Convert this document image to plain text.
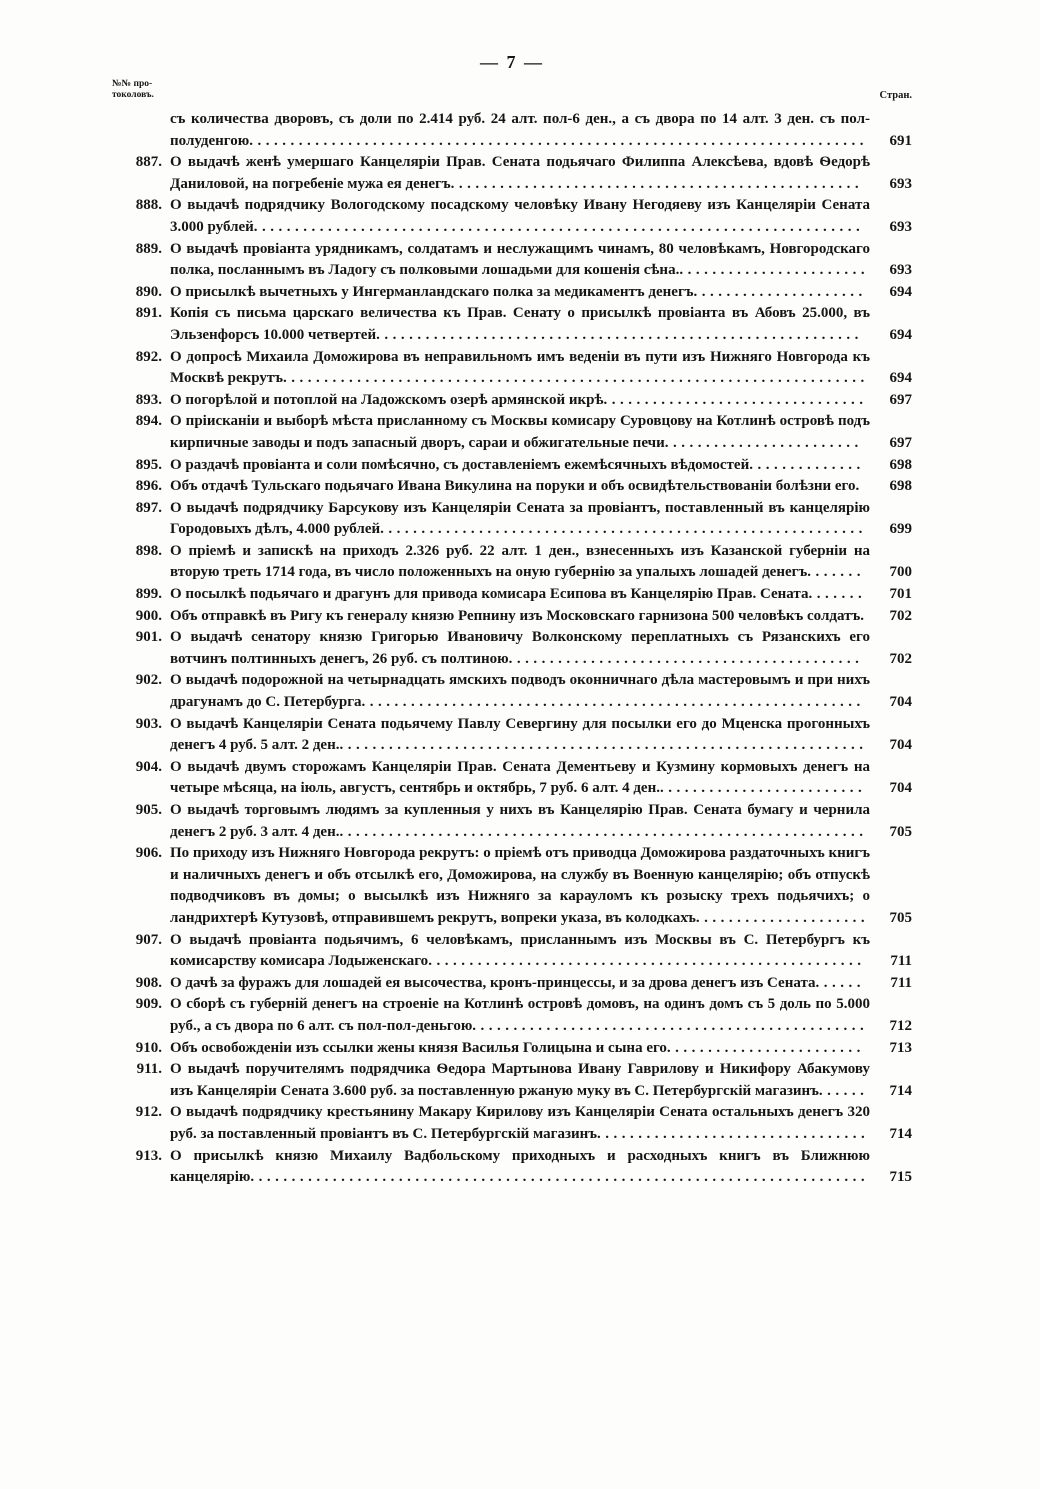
— 7 —
№№ про-
токоловъ.	Стран.
съ количества дворовъ, съ доли по 2.414 руб. 24 алт. пол-6 ден., а съ двора по 14 алт. 3 ден. съ пол-полуденгою...........................................................................	691
887. О выдачѣ женѣ умершаго Канцеляріи Прав. Сената подьячаго Филиппа Алексѣева, вдовѣ Ѳедорѣ Даниловой, на погребеніе мужа ея денегъ..................................................	693
888. О выдачѣ подрядчику Вологодскому посадскому человѣку Ивану Негодяеву изъ Канцеляріи Сената 3.000 рублей..........................................................................	693
889. О выдачѣ провіанта урядникамъ, солдатамъ и неслужащимъ чинамъ, 80 человѣкамъ, Новгородскаго полка, посланнымъ въ Ладогу съ полковыми лошадьми для кошенія сѣна........................	693
890. О присылкѣ вычетныхъ у Ингерманландскаго полка за медикаментъ денегъ.....................	694
891. Копія съ письма царскаго величества къ Прав. Сенату о присылкѣ провіанта въ Абовъ 25.000, въ Эльзенфорсъ 10.000 четвертей...........................................................	694
892. О допросѣ Михаила Доможирова въ неправильномъ имъ веденіи въ пути изъ Нижняго Новгорода къ Москвѣ рекрутъ.......................................................................	694
893. О погорѣлой и потоплой на Ладожскомъ озерѣ армянской икрѣ................................	697
894. О пріисканіи и выборѣ мѣста присланному съ Москвы комисару Суровцову на Котлинѣ островѣ подъ кирпичные заводы и подъ запасный дворъ, сараи и обжигательные печи........................	697
895. О раздачѣ провіанта и соли помѣсячно, съ доставленіемъ ежемѣсячныхъ вѣдомостей..............	698
896. Объ отдачѣ Тульскаго подьячаго Ивана Викулина на поруки и объ освидѣтельствованіи болѣзни его.	698
897. О выдачѣ подрядчику Барсукову изъ Канцеляріи Сената за провіантъ, поставленный въ канцелярію Городовыхъ дѣлъ, 4.000 рублей...........................................................	699
898. О пріемѣ и запискѣ на приходъ 2.326 руб. 22 алт. 1 ден., взнесенныхъ изъ Казанской губерніи на вторую треть 1714 года, въ число положенныхъ на оную губернію за упалыхъ лошадей денегъ.......	700
899. О посылкѣ подьячаго и драгунъ для привода комисара Есипова въ Канцелярію Прав. Сената.......	701
900. Объ отправкѣ въ Ригу къ генералу князю Репнину изъ Московскаго гарнизона 500 человѣкъ солдатъ.	702
901. О выдачѣ сенатору князю Григорью Ивановичу Волконскому переплатныхъ съ Рязанскихъ его вотчинъ полтинныхъ денегъ, 26 руб. съ полтиною...........................................	702
902. О выдачѣ подорожной на четырнадцать ямскихъ подводъ оконничнаго дѣла мастеровымъ и при нихъ драгунамъ до С. Петербурга.............................................................	704
903. О выдачѣ Канцеляріи Сената подьячему Павлу Севергину для посылки его до Мценска прогонныхъ денегъ 4 руб. 5 алт. 2 ден.................................................................	704
904. О выдачѣ двумъ сторожамъ Канцеляріи Прав. Сената Дементьеву и Кузмину кормовыхъ денегъ на четыре мѣсяца, на іюль, августъ, сентябрь и октябрь, 7 руб. 6 алт. 4 ден..........................	704
905. О выдачѣ торговымъ людямъ за купленныя у нихъ въ Канцелярію Прав. Сената бумагу и чернила денегъ 2 руб. 3 алт. 4 ден.................................................................	705
906. По приходу изъ Нижняго Новгорода рекрутъ: о пріемѣ отъ приводца Доможирова раздаточныхъ книгъ и наличныхъ денегъ и объ отсылкѣ его, Доможирова, на службу въ Военную канцелярію; объ отпускѣ подводчиковъ въ домы; о высылкѣ изъ Нижняго за карауломъ къ розыску трехъ подьячихъ; о ландрихтерѣ Кутузовѣ, отправившемъ рекрутъ, вопреки указа, въ колодкахъ.....................	705
907. О выдачѣ провіанта подьячимъ, 6 человѣкамъ, присланнымъ изъ Москвы въ С. Петербургъ къ комисарству комисара Лодыженскаго.....................................................	711
908. О дачѣ за фуражъ для лошадей ея высочества, кронъ-принцессы, и за дрова денегъ изъ Сената......	711
909. О сборѣ съ губерній денегъ на строеніе на Котлинѣ островѣ домовъ, на одинъ домъ съ 5 доль по 5.000 руб., а съ двора по 6 алт. съ пол-пол-деньгою................................................	712
910. Объ освобожденіи изъ ссылки жены князя Василья Голицына и сына его........................	713
911. О выдачѣ поручителямъ подрядчика Ѳедора Мартынова Ивану Гаврилову и Никифору Абакумову изъ Канцеляріи Сената 3.600 руб. за поставленную ржаную муку въ С. Петербургскій магазинъ......	714
912. О выдачѣ подрядчику крестьянину Макару Кирилову изъ Канцеляріи Сената остальныхъ денегъ 320 руб. за поставленный провіантъ въ С. Петербургскій магазинъ.................................	714
913. О присылкѣ князю Михаилу Вадбольскому приходныхъ и расходныхъ книгъ въ Ближнюю канцелярію...........................................................................	715
